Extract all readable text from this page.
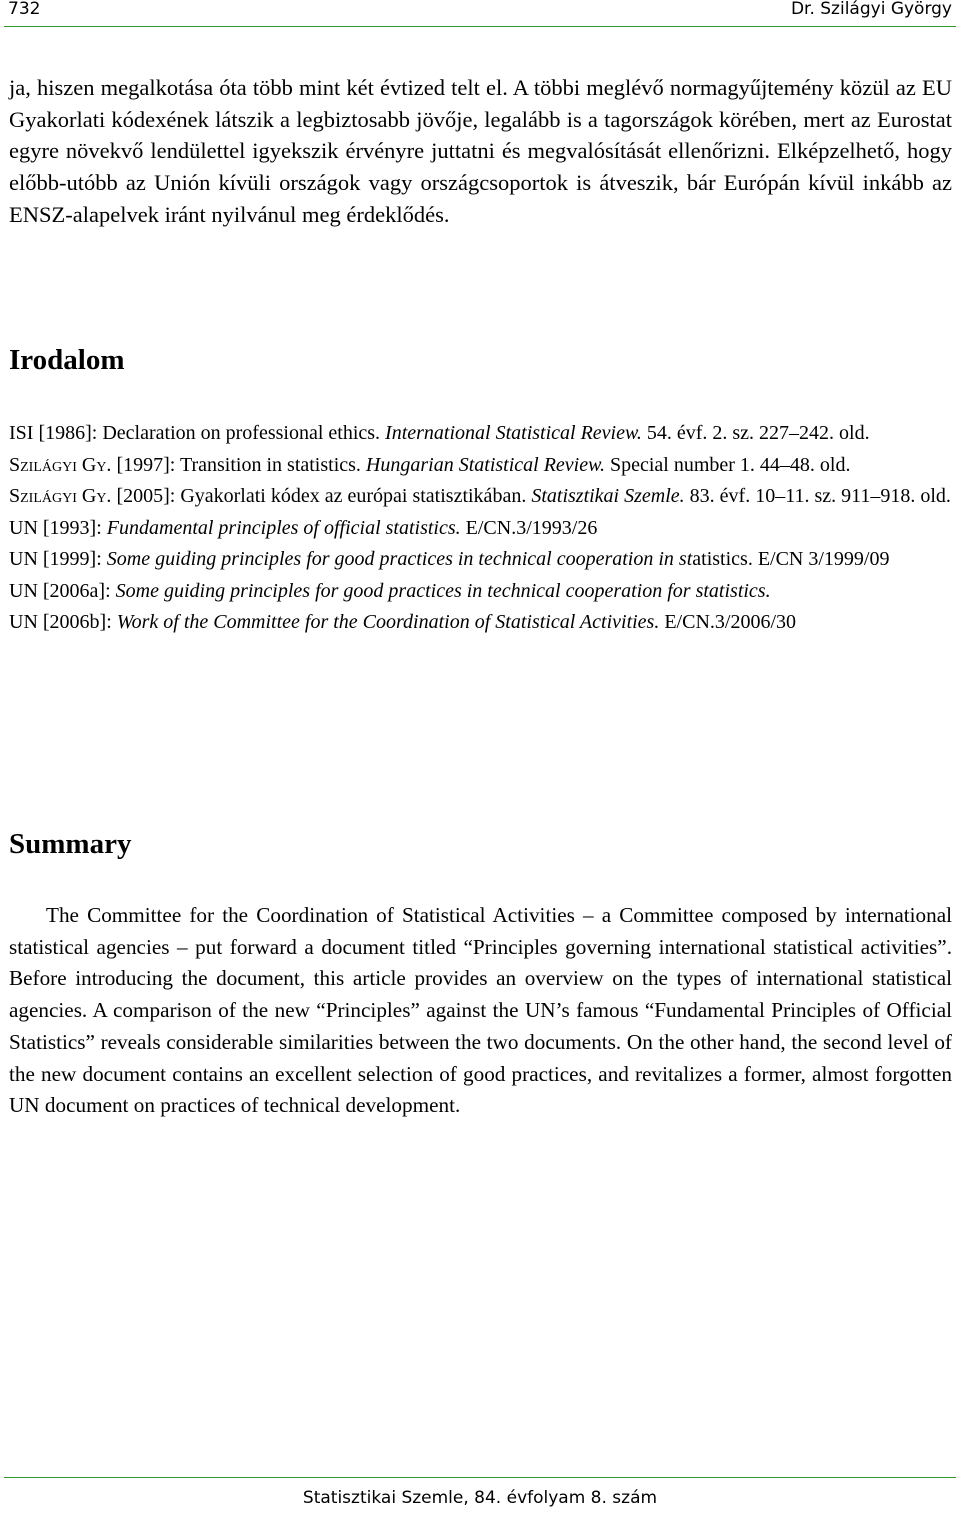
732	Dr. Szilágyi György

ja, hiszen megalkotása óta több mint két évtized telt el. A többi meglévő normagyűjtemény közül az EU Gyakorlati kódexének látszik a legbiztosabb jövője, legalább is a tagországok körében, mert az Eurostat egyre növekvő lendülettel igyekszik érvényre juttatni és megvalósítását ellenőrizni. Elképzelhető, hogy előbb-utóbb az Unión kívüli országok vagy országcsoportok is átveszik, bár Európán kívül inkább az ENSZ-alapelvek iránt nyilvánul meg érdeklődés.

Irodalom
ISI [1986]: Declaration on professional ethics. International Statistical Review. 54. évf. 2. sz. 227–242. old.
Szilágyi Gy. [1997]: Transition in statistics. Hungarian Statistical Review. Special number 1. 44–48. old.
Szilágyi Gy. [2005]: Gyakorlati kódex az európai statisztikában. Statisztikai Szemle. 83. évf. 10–11. sz. 911–918. old.
UN [1993]: Fundamental principles of official statistics. E/CN.3/1993/26
UN [1999]: Some guiding principles for good practices in technical cooperation in statistics. E/CN 3/1999/09
UN [2006a]: Some guiding principles for good practices in technical cooperation for statistics.
UN [2006b]: Work of the Committee for the Coordination of Statistical Activities. E/CN.3/2006/30
Summary

The Committee for the Coordination of Statistical Activities – a Committee composed by international statistical agencies – put forward a document titled “Principles governing international statistical activities”. Before introducing the document, this article provides an overview on the types of international statistical agencies. A comparison of the new “Principles” against the UN’s famous “Fundamental Principles of Official Statistics” reveals considerable similarities between the two documents. On the other hand, the second level of the new document contains an excellent selection of good practices, and revitalizes a former, almost forgotten UN document on practices of technical development.

Statisztikai Szemle, 84. évfolyam 8. szám
